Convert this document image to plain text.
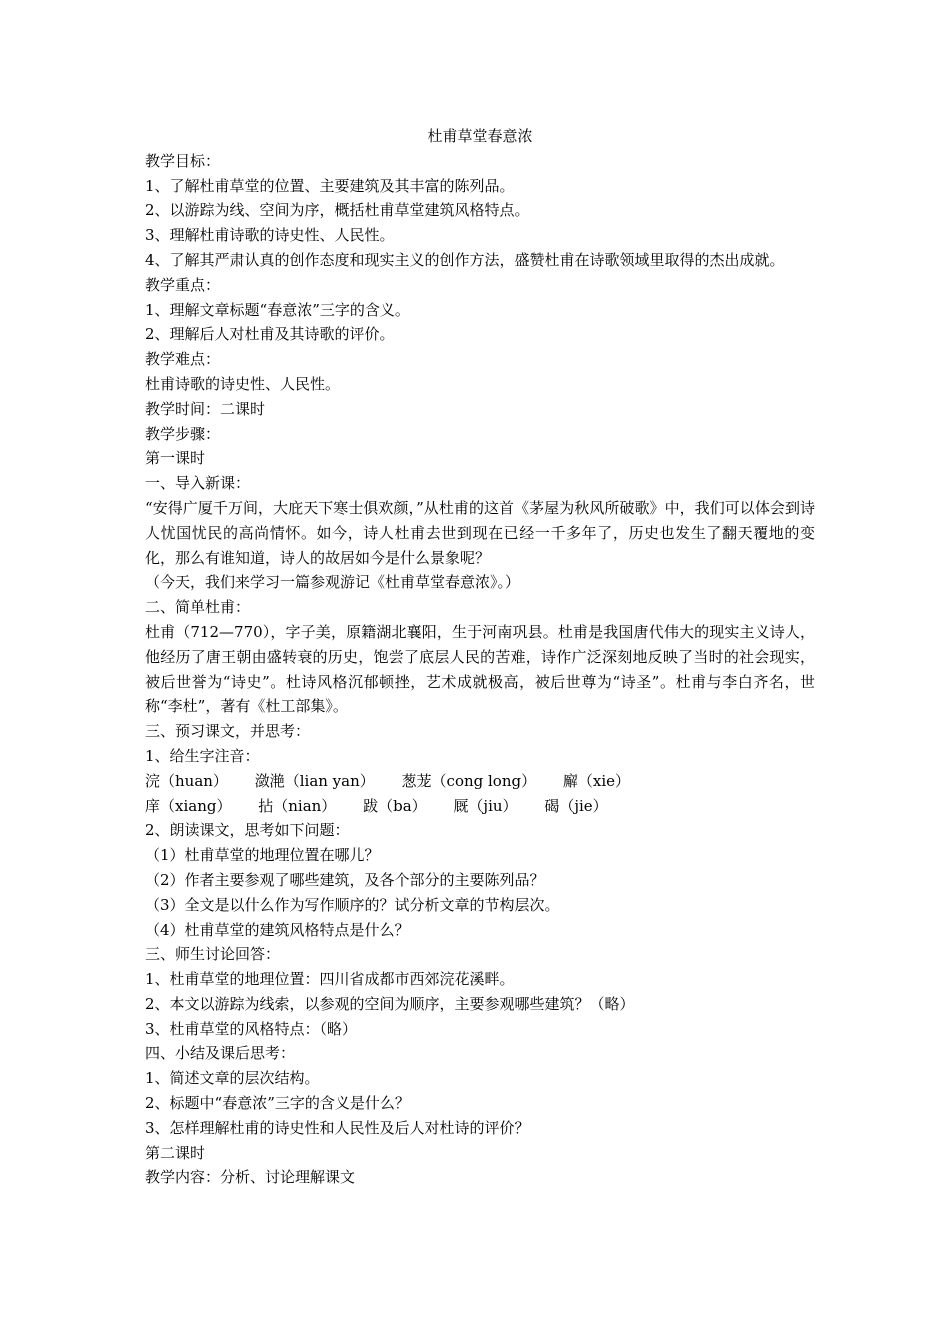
杜甫草堂春意浓
教学目标：
1、了解杜甫草堂的位置、主要建筑及其丰富的陈列品。
2、以游踪为线、空间为序，概括杜甫草堂建筑风格特点。
3、理解杜甫诗歌的诗史性、人民性。
4、了解其严肃认真的创作态度和现实主义的创作方法，盛赞杜甫在诗歌领域里取得的杰出成就。
教学重点：
1、理解文章标题“春意浓”三字的含义。
2、理解后人对杜甫及其诗歌的评价。
教学难点：
杜甫诗歌的诗史性、人民性。
教学时间：二课时
教学步骤：
第一课时
一、导入新课：
“安得广厦千万间，大庇天下寒士俱欢颜，”从杜甫的这首《茅屋为秋风所破歌》中，我们可以体会到诗人忧国忧民的高尚情怀。如今，诗人杜甫去世到现在已经一千多年了，历史也发生了翻天覆地的变化，那么有谁知道，诗人的故居如今是什么景象呢？
（今天，我们来学习一篇参观游记《杜甫草堂春意浓》。）
二、简单杜甫：
杜甫（712—770），字子美，原籍湖北襄阳，生于河南巩县。杜甫是我国唐代伟大的现实主义诗人，他经历了唐王朝由盛转衰的历史，饱尝了底层人民的苦难，诗作广泛深刻地反映了当时的社会现实，被后世誉为“诗史”。杜诗风格沉郁顿挫，艺术成就极高，被后世尊为“诗圣”。杜甫与李白齐名，世称“李杜”，著有《杜工部集》。
三、预习课文，并思考：
1、给生字注音：
浣（huan） 潋滟（lian yan） 葱茏（cong long） 廨（xie）
庠（xiang） 拈（nian） 跋（ba） 厩（jiu） 碣（jie）
2、朗读课文，思考如下问题：
（1）杜甫草堂的地理位置在哪儿？
（2）作者主要参观了哪些建筑，及各个部分的主要陈列品？
（3）全文是以什么作为写作顺序的？试分析文章的节构层次。
（4）杜甫草堂的建筑风格特点是什么？
三、师生讨论回答：
1、杜甫草堂的地理位置：四川省成都市西郊浣花溪畔。
2、本文以游踪为线索，以参观的空间为顺序，主要参观哪些建筑？（略）
3、杜甫草堂的风格特点：（略）
四、小结及课后思考：
1、简述文章的层次结构。
2、标题中“春意浓”三字的含义是什么？
3、怎样理解杜甫的诗史性和人民性及后人对杜诗的评价？
第二课时
教学内容：分析、讨论理解课文
